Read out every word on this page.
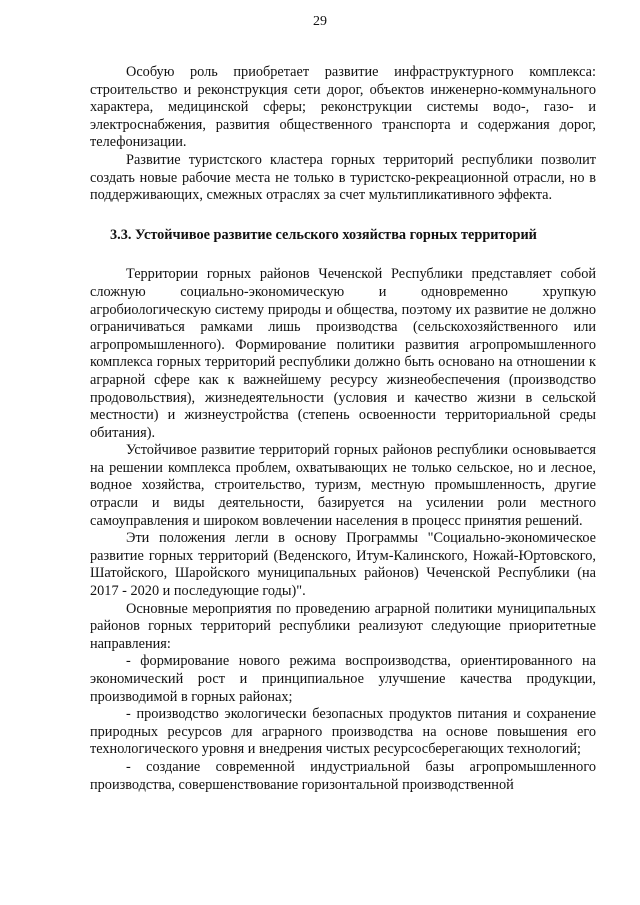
29

Особую роль приобретает развитие инфраструктурного комплекса: строительство и реконструкция сети дорог, объектов инженерно-коммунального характера, медицинской сферы; реконструкции системы водо-, газо- и электроснабжения, развития общественного транспорта и содержания дорог, телефонизации.

Развитие туристского кластера горных территорий республики позволит создать новые рабочие места не только в туристско-рекреационной отрасли, но в поддерживающих, смежных отраслях за счет мультипликативного эффекта.

3.3. Устойчивое развитие сельского хозяйства горных территорий

Территории горных районов Чеченской Республики представляет собой сложную социально-экономическую и одновременно хрупкую агробиологическую систему природы и общества, поэтому их развитие не должно ограничиваться рамками лишь производства (сельскохозяйственного или агропромышленного). Формирование политики развития агропромышленного комплекса горных территорий республики должно быть основано на отношении к аграрной сфере как к важнейшему ресурсу жизнеобеспечения (производство продовольствия), жизнедеятельности (условия и качество жизни в сельской местности) и жизнеустройства (степень освоенности территориальной среды обитания).

Устойчивое развитие территорий горных районов республики основывается на решении комплекса проблем, охватывающих не только сельское, но и лесное, водное хозяйства, строительство, туризм, местную промышленность, другие отрасли и виды деятельности, базируется на усилении роли местного самоуправления и широком вовлечении населения в процесс принятия решений.

Эти положения легли в основу Программы "Социально-экономическое развитие горных территорий (Веденского, Итум-Калинского, Ножай-Юртовского, Шатойского, Шаройского муниципальных районов) Чеченской Республики (на 2017 - 2020 и последующие годы)".

Основные мероприятия по проведению аграрной политики муниципальных районов горных территорий республики реализуют следующие приоритетные направления:

- формирование нового режима воспроизводства, ориентированного на экономический рост и принципиальное улучшение качества продукции, производимой в горных районах;

- производство экологически безопасных продуктов питания и сохранение природных ресурсов для аграрного производства на основе повышения его технологического уровня и внедрения чистых ресурсосберегающих технологий;

- создание современной индустриальной базы агропромышленного производства, совершенствование горизонтальной производственной
